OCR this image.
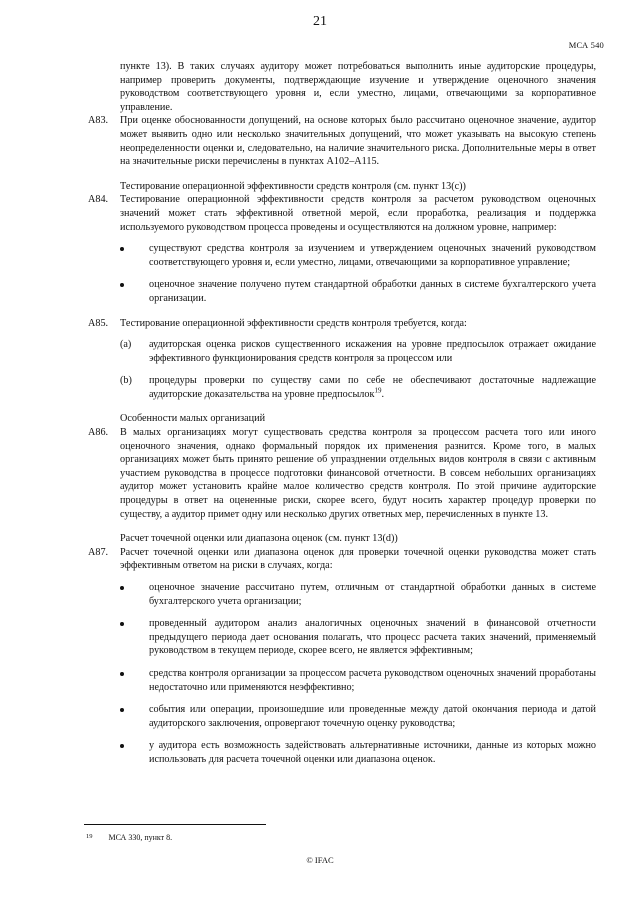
21
МСА 540

пункте 13). В таких случаях аудитору может потребоваться выполнить иные аудиторские процедуры, например проверить документы, подтверждающие изучение и утверждение оценочного значения руководством соответствующего уровня и, если уместно, лицами, отвечающими за корпоративное управление.

A83. При оценке обоснованности допущений, на основе которых было рассчитано оценочное значение, аудитор может выявить одно или несколько значительных допущений, что может указывать на высокую степень неопределенности оценки и, следовательно, на наличие значительного риска. Дополнительные меры в ответ на значительные риски перечислены в пунктах A102–A115.

Тестирование операционной эффективности средств контроля (см. пункт 13(с))

A84. Тестирование операционной эффективности средств контроля за расчетом руководством оценочных значений может стать эффективной ответной мерой, если проработка, реализация и поддержка используемого руководством процесса проведены и осуществляются на должном уровне, например:

существуют средства контроля за изучением и утверждением оценочных значений руководством соответствующего уровня и, если уместно, лицами, отвечающими за корпоративное управление;
оценочное значение получено путем стандартной обработки данных в системе бухгалтерского учета организации.
A85. Тестирование операционной эффективности средств контроля требуется, когда:

(а) аудиторская оценка рисков существенного искажения на уровне предпосылок отражает ожидание эффективного функционирования средств контроля за процессом или
(b) процедуры проверки по существу сами по себе не обеспечивают достаточные надлежащие аудиторские доказательства на уровне предпосылок$^{19}$.

Особенности малых организаций

A86. В малых организациях могут существовать средства контроля за процессом расчета того или иного оценочного значения, однако формальный порядок их применения разнится. Кроме того, в малых организациях может быть принято решение об упразднении отдельных видов контроля в связи с активным участием руководства в процессе подготовки финансовой отчетности. В совсем небольших организациях аудитор может установить крайне малое количество средств контроля. По этой причине аудиторские процедуры в ответ на оцененные риски, скорее всего, будут носить характер процедур проверки по существу, а аудитор примет одну или несколько других ответных мер, перечисленных в пункте 13.

Расчет точечной оценки или диапазона оценок (см. пункт 13(d))

A87. Расчет точечной оценки или диапазона оценок для проверки точечной оценки руководства может стать эффективным ответом на риски в случаях, когда:

оценочное значение рассчитано путем, отличным от стандартной обработки данных в системе бухгалтерского учета организации;
проведенный аудитором анализ аналогичных оценочных значений в финансовой отчетности предыдущего периода дает основания полагать, что процесс расчета таких значений, применяемый руководством в текущем периоде, скорее всего, не является эффективным;
средства контроля организации за процессом расчета руководством оценочных значений проработаны недостаточно или применяются неэффективно;
события или операции, произошедшие или проведенные между датой окончания периода и датой аудиторского заключения, опровергают точечную оценку руководства;
у аудитора есть возможность задействовать альтернативные источники, данные из которых можно использовать для расчета точечной оценки или диапазона оценок.
$^{19}$ МСА 330, пункт 8.
© IFAC
